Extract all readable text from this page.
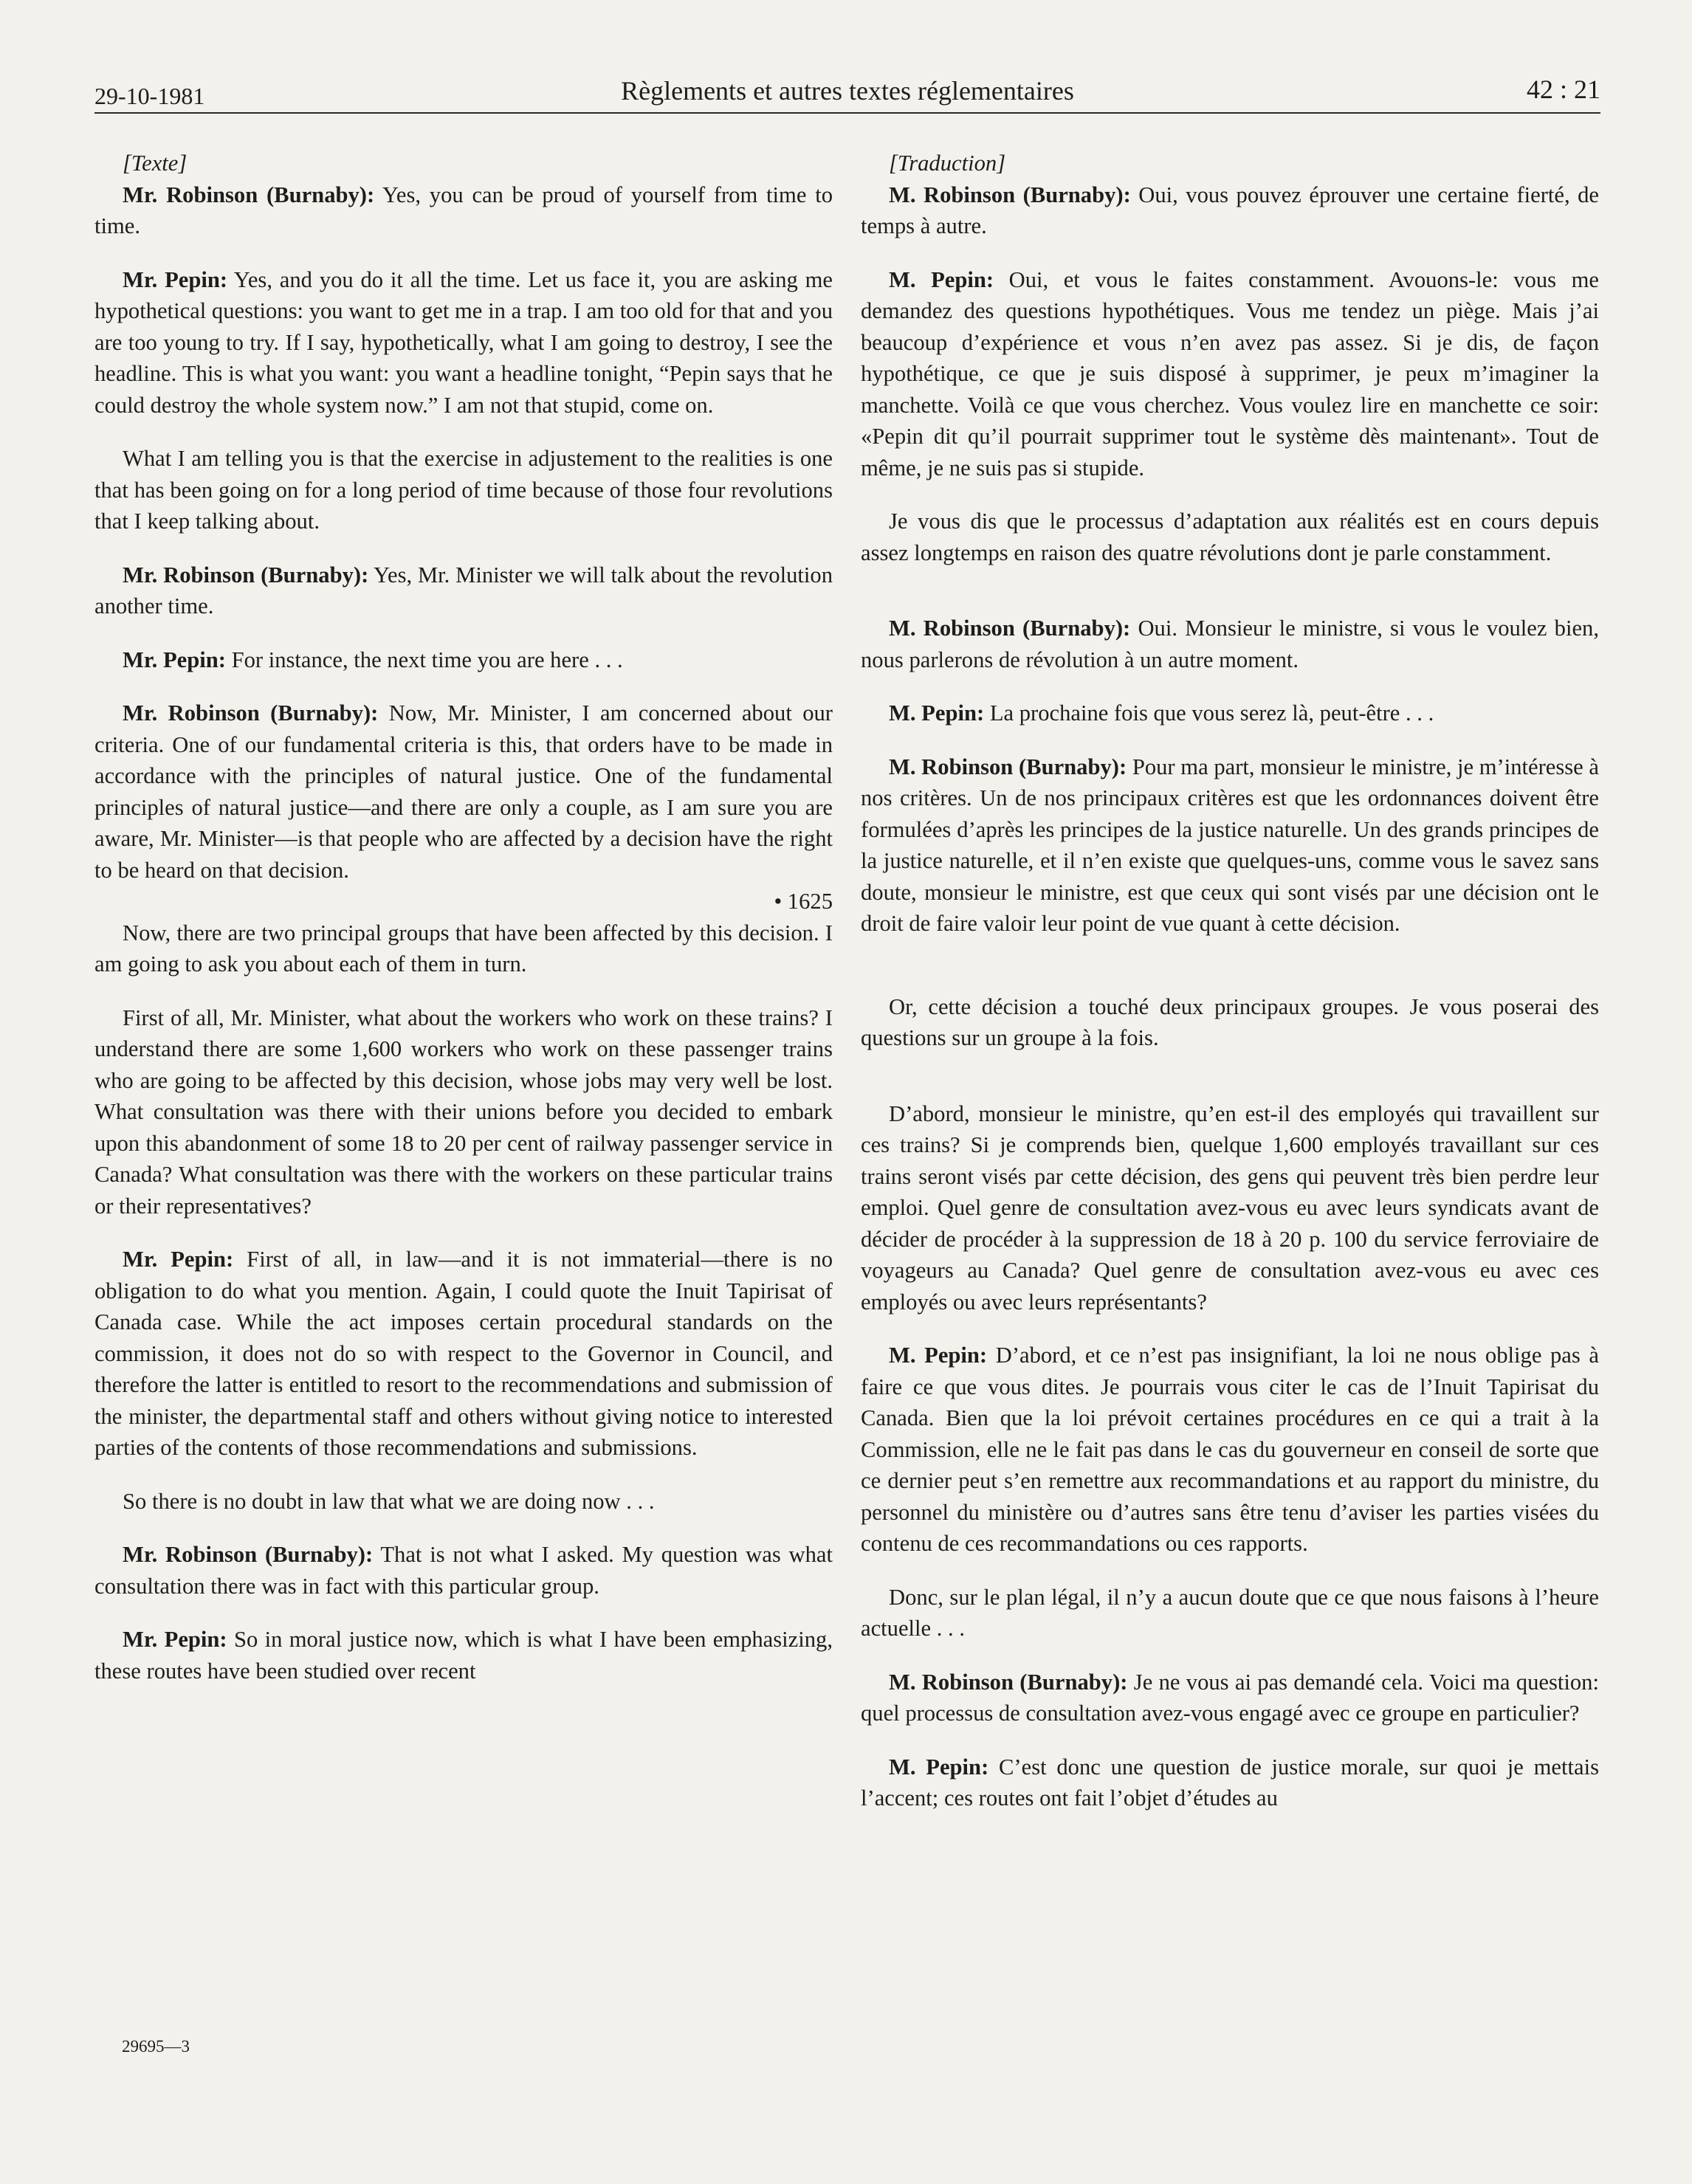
29-10-1981	Règlements et autres textes réglementaires	42 : 21

[Texte]

Mr. Robinson (Burnaby): Yes, you can be proud of yourself from time to time.

Mr. Pepin: Yes, and you do it all the time. Let us face it, you are asking me hypothetical questions: you want to get me in a trap. I am too old for that and you are too young to try. If I say, hypothetically, what I am going to destroy, I see the headline. This is what you want: you want a headline tonight, “Pepin says that he could destroy the whole system now.” I am not that stupid, come on.

What I am telling you is that the exercise in adjustement to the realities is one that has been going on for a long period of time because of those four revolutions that I keep talking about.

Mr. Robinson (Burnaby): Yes, Mr. Minister we will talk about the revolution another time.

Mr. Pepin: For instance, the next time you are here . . .

Mr. Robinson (Burnaby): Now, Mr. Minister, I am concerned about our criteria. One of our fundamental criteria is this, that orders have to be made in accordance with the principles of natural justice. One of the fundamental principles of natural justice—and there are only a couple, as I am sure you are aware, Mr. Minister—is that people who are affected by a decision have the right to be heard on that decision.

• 1625

Now, there are two principal groups that have been affected by this decision. I am going to ask you about each of them in turn.

First of all, Mr. Minister, what about the workers who work on these trains? I understand there are some 1,600 workers who work on these passenger trains who are going to be affected by this decision, whose jobs may very well be lost. What consultation was there with their unions before you decided to embark upon this abandonment of some 18 to 20 per cent of railway passenger service in Canada? What consultation was there with the workers on these particular trains or their representatives?

Mr. Pepin: First of all, in law—and it is not immaterial—there is no obligation to do what you mention. Again, I could quote the Inuit Tapirisat of Canada case. While the act imposes certain procedural standards on the commission, it does not do so with respect to the Governor in Council, and therefore the latter is entitled to resort to the recommendations and submission of the minister, the departmental staff and others without giving notice to interested parties of the contents of those recommendations and submissions.

So there is no doubt in law that what we are doing now . . .

Mr. Robinson (Burnaby): That is not what I asked. My question was what consultation there was in fact with this particular group.

Mr. Pepin: So in moral justice now, which is what I have been emphasizing, these routes have been studied over recent

[Traduction]

M. Robinson (Burnaby): Oui, vous pouvez éprouver une certaine fierté, de temps à autre.

M. Pepin: Oui, et vous le faites constamment. Avouons-le: vous me demandez des questions hypothétiques. Vous me tendez un piège. Mais j’ai beaucoup d’expérience et vous n’en avez pas assez. Si je dis, de façon hypothétique, ce que je suis disposé à supprimer, je peux m’imaginer la manchette. Voilà ce que vous cherchez. Vous voulez lire en manchette ce soir: «Pepin dit qu’il pourrait supprimer tout le système dès maintenant». Tout de même, je ne suis pas si stupide.

Je vous dis que le processus d’adaptation aux réalités est en cours depuis assez longtemps en raison des quatre révolutions dont je parle constamment.

M. Robinson (Burnaby): Oui. Monsieur le ministre, si vous le voulez bien, nous parlerons de révolution à un autre moment.

M. Pepin: La prochaine fois que vous serez là, peut-être . . .

M. Robinson (Burnaby): Pour ma part, monsieur le ministre, je m’intéresse à nos critères. Un de nos principaux critères est que les ordonnances doivent être formulées d’après les principes de la justice naturelle. Un des grands principes de la justice naturelle, et il n’en existe que quelques-uns, comme vous le savez sans doute, monsieur le ministre, est que ceux qui sont visés par une décision ont le droit de faire valoir leur point de vue quant à cette décision.

Or, cette décision a touché deux principaux groupes. Je vous poserai des questions sur un groupe à la fois.

D’abord, monsieur le ministre, qu’en est-il des employés qui travaillent sur ces trains? Si je comprends bien, quelque 1,600 employés travaillant sur ces trains seront visés par cette décision, des gens qui peuvent très bien perdre leur emploi. Quel genre de consultation avez-vous eu avec leurs syndicats avant de décider de procéder à la suppression de 18 à 20 p. 100 du service ferroviaire de voyageurs au Canada? Quel genre de consultation avez-vous eu avec ces employés ou avec leurs représentants?

M. Pepin: D’abord, et ce n’est pas insignifiant, la loi ne nous oblige pas à faire ce que vous dites. Je pourrais vous citer le cas de l’Inuit Tapirisat du Canada. Bien que la loi prévoit certaines procédures en ce qui a trait à la Commission, elle ne le fait pas dans le cas du gouverneur en conseil de sorte que ce dernier peut s’en remettre aux recommandations et au rapport du ministre, du personnel du ministère ou d’autres sans être tenu d’aviser les parties visées du contenu de ces recommandations ou ces rapports.

Donc, sur le plan légal, il n’y a aucun doute que ce que nous faisons à l’heure actuelle . . .

M. Robinson (Burnaby): Je ne vous ai pas demandé cela. Voici ma question: quel processus de consultation avez-vous engagé avec ce groupe en particulier?

M. Pepin: C’est donc une question de justice morale, sur quoi je mettais l’accent; ces routes ont fait l’objet d’études au

29695—3
